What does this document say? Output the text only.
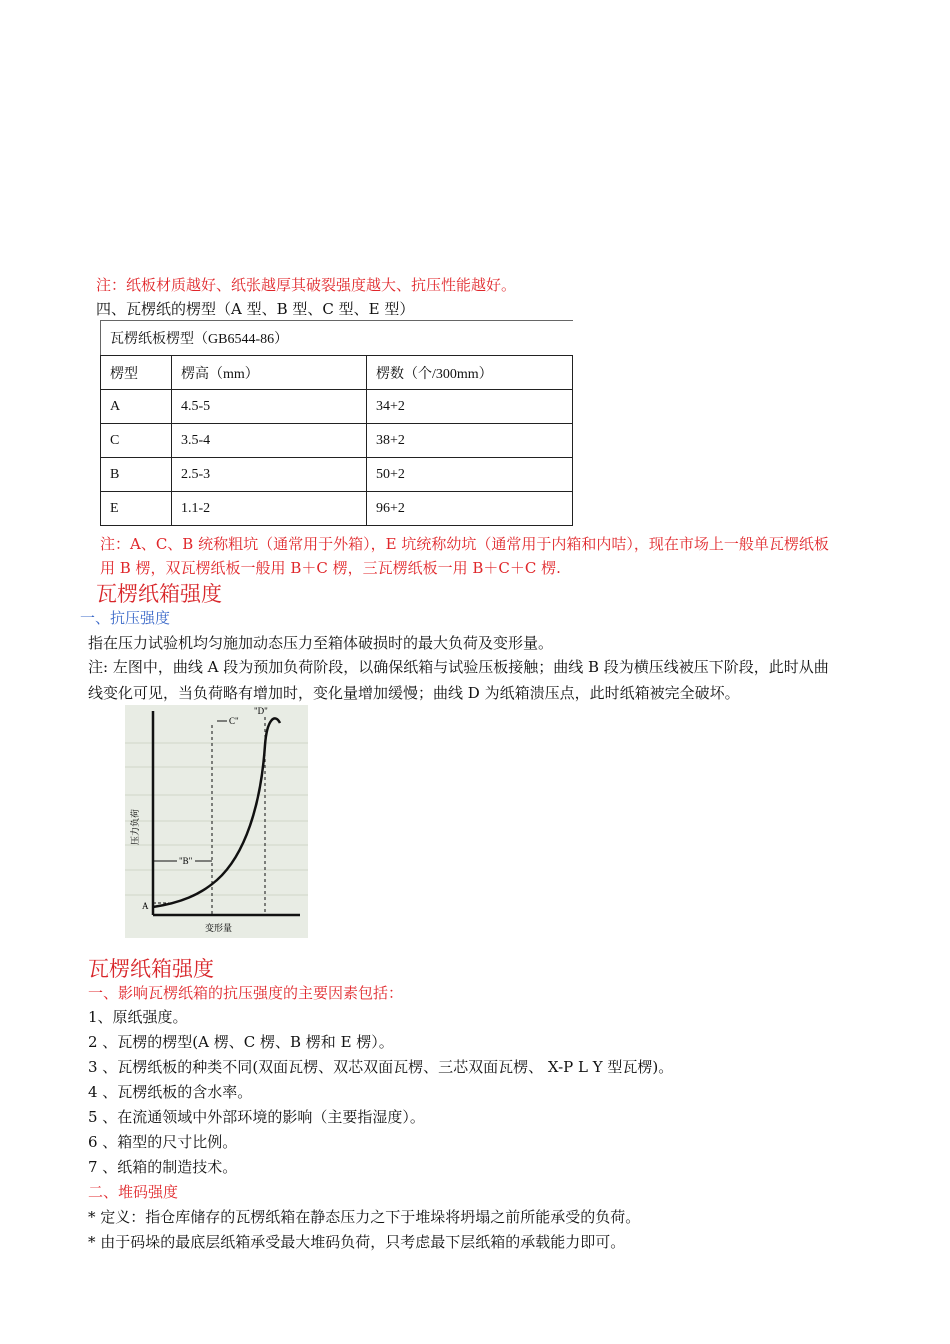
注：纸板材质越好、纸张越厚其破裂强度越大、抗压性能越好。
四、瓦楞纸的楞型（A 型、B 型、C 型、E 型）
瓦楞纸板楞型（GB6544-86）		
楞型	楞高（mm）	楞数（个/300mm）
A	4.5-5	34+2
C	3.5-4	38+2
B	2.5-3	50+2
E	1.1-2	96+2
注：A、C、B 统称粗坑（通常用于外箱），E 坑统称幼坑（通常用于内箱和内咭），现在市场上一般单瓦楞纸板
用 B 楞，双瓦楞纸板一般用 B＋C 楞，三瓦楞纸板一用 B＋C＋C 楞.
瓦楞纸箱强度
一、抗压强度
指在压力试验机均匀施加动态压力至箱体破损时的最大负荷及变形量。
注: 左图中，曲线 A 段为预加负荷阶段，以确保纸箱与试验压板接触；曲线 B 段为横压线被压下阶段，此时从曲
线变化可见，当负荷略有增加时，变化量增加缓慢；曲线 D 为纸箱溃压点，此时纸箱被完全破坏。
A
"B"
C"
"D"
压力负荷
变形量
瓦楞纸箱强度
一、影响瓦楞纸箱的抗压强度的主要因素包括：
1、原纸强度。
2 、瓦楞的楞型(A 楞、C 楞、B 楞和 E 楞）。
3 、瓦楞纸板的种类不同(双面瓦楞、双芯双面瓦楞、三芯双面瓦楞、 X-P L Y 型瓦楞)。
4 、瓦楞纸板的含水率。
5 、在流通领域中外部环境的影响（主要指湿度）。
6 、箱型的尺寸比例。
7 、纸箱的制造技术。
二、堆码强度
* 定义：指仓库储存的瓦楞纸箱在静态压力之下于堆垛将坍塌之前所能承受的负荷。
* 由于码垛的最底层纸箱承受最大堆码负荷，只考虑最下层纸箱的承载能力即可。
